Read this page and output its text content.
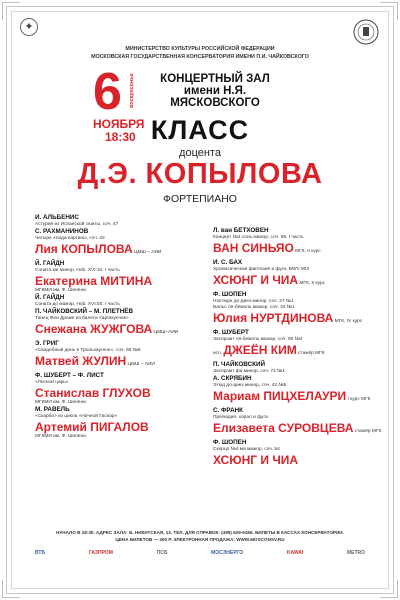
✦
МИНИСТЕРСТВО КУЛЬТУРЫ РОССИЙСКОЙ ФЕДЕРАЦИИ
МОСКОВСКАЯ ГОСУДАРСТВЕННАЯ КОНСЕРВАТОРИЯ ИМЕНИ П.И. ЧАЙКОВСКОГО
6 воскресенье
НОЯБРЯ
18:30
КОНЦЕРТНЫЙ ЗАЛ
имени Н.Я. МЯСКОВСКОГО
КЛАСС
доцента
Д.Э. КОПЫЛОВА
ФОРТЕПИАНО
И. АЛЬБЕНИС
Астурия из Испанской сюиты, соч. 47
С. РАХМАНИНОВ
Четыре этюда-картины, соч. 33
Лия КОПЫЛОВА ЦМШ – АИИ
Й. ГАЙДН
Соната ми минор, Hob. XVI:34. I часть
Екатерина МИТИНА
МГКМИ им. Ф. Шопена
Й. ГАЙДН
Соната до мажор, Hob. XVI:50. I часть
П. ЧАЙКОВСКИЙ – М. ПЛЕТНЁВ
Танец Феи Драже из балета «Щелкунчик»
Снежана ЖУЖГОВА ЦМШ–АИИ
Э. ГРИГ
«Свадебный день в Трольхаугене», соч. 65 №6
Матвей ЖУЛИН ЦМШ – АИИ
Ф. ШУБЕРТ – Ф. ЛИСТ
«Лесной царь»
Станислав ГЛУХОВ
МГКМИ им. Ф. Шопена
М. РАВЕЛЬ
«Скарбо» из цикла «Ночной Гаспар»
Артемий ПИГАЛОВ
МГКМИ им. Ф. Шопена
Л. ван БЕТХОВЕН
Концерт №4 соль мажор, соч. 58. I часть
ВАН СИНЬЯО МГК, II курс
И. С. БАХ
Хроматическая фантазия и фуга, BWV 903
ХСЮНГ И ЧИА МГК, II курс
Ф. ШОПЕН
Ноктюрн до-диез минор, соч. 27 №1
Вальс ля-бемоль мажор, соч. 34 №1
Юлия НУРТДИНОВА МГК, IV курс
Ф. ШУБЕРТ
Экспромт ля-бемоль мажор, соч. 90 №4
исп. ДЖЕЁН КИМ стажёр МГК
П. ЧАЙКОВСКИЙ
Экспромт фа минор, соч. 72 №1
А. СКРЯБИН
Этюд до-диез минор, соч. 42 №5
Мариам ПИЦХЕЛАУРИ I курс МГК
С. ФРАНК
Прелюдия, хорал и фуга
Елизавета СУРОВЦЕВА стажёр МГК
Ф. ШОПЕН
Скерцо №4 ми мажор, соч. 54
ХСЮНГ И ЧИА
НАЧАЛО В 18:30. АДРЕС ЗАЛА: Б. НИКИТСКАЯ, 13. ТЕЛ. ДЛЯ СПРАВОК: (495) 629-9166. БИЛЕТЫ В КАССАХ КОНСЕРВАТОРИИ.
ЦЕНА БИЛЕТОВ — 300 Р. ЭЛЕКТРОННАЯ ПРОДАЖА: WWW.MOSCONSV.RU
ВТБ	ГАЗПРОМ	ПСБ	МОСЭНЕРГО	KAWAI	METRO
